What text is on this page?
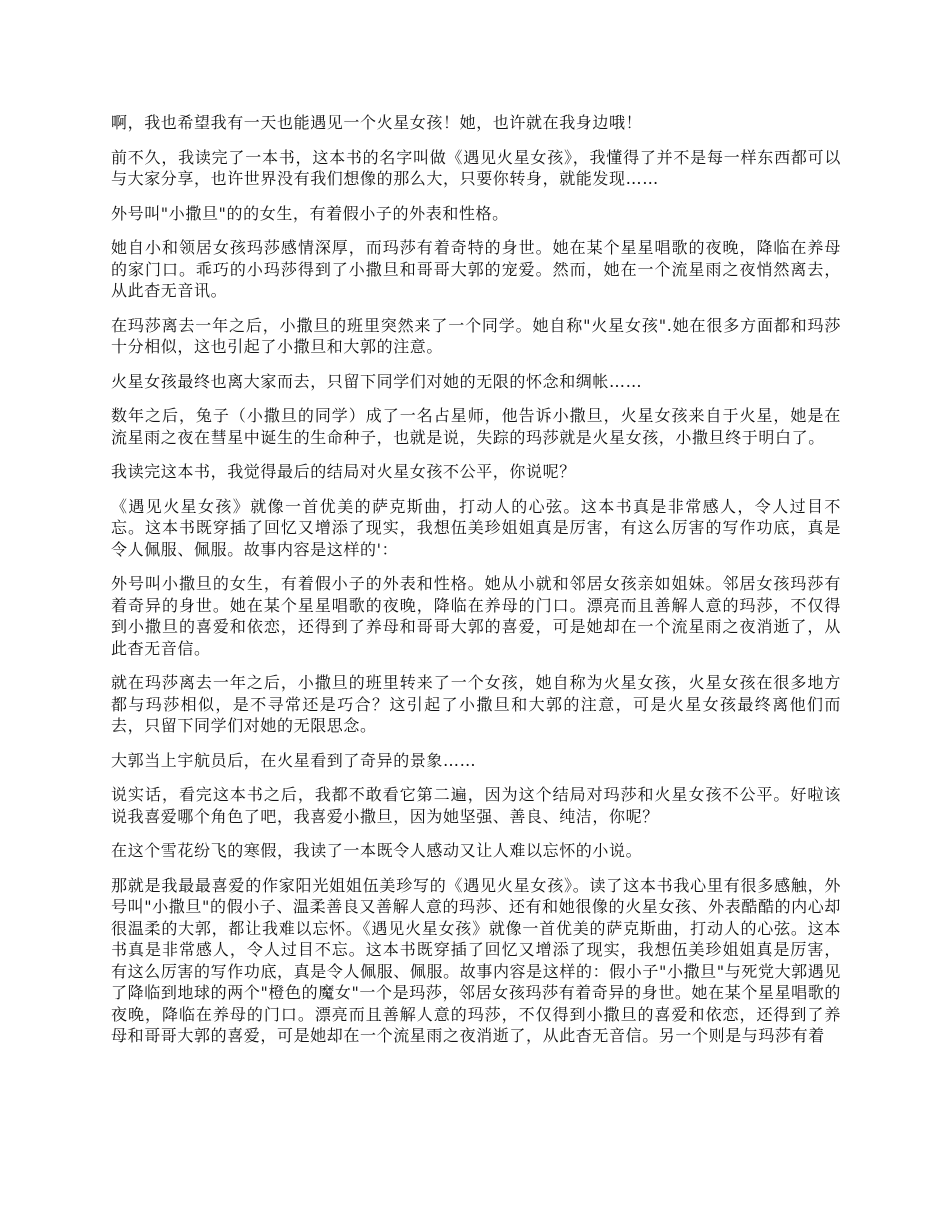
啊，我也希望我有一天也能遇见一个火星女孩！她，也许就在我身边哦！

前不久，我读完了一本书，这本书的名字叫做《遇见火星女孩》，我懂得了并不是每一样东西都可以与大家分享，也许世界没有我们想像的那么大，只要你转身，就能发现……

外号叫"小撒旦"的的女生，有着假小子的外表和性格。

她自小和领居女孩玛莎感情深厚，而玛莎有着奇特的身世。她在某个星星唱歌的夜晚，降临在养母的家门口。乖巧的小玛莎得到了小撒旦和哥哥大郭的宠爱。然而，她在一个流星雨之夜悄然离去，从此杳无音讯。

在玛莎离去一年之后，小撒旦的班里突然来了一个同学。她自称"火星女孩".她在很多方面都和玛莎十分相似，这也引起了小撒旦和大郭的注意。

火星女孩最终也离大家而去，只留下同学们对她的无限的怀念和绸帐……

数年之后，兔子（小撒旦的同学）成了一名占星师，他告诉小撒旦，火星女孩来自于火星，她是在流星雨之夜在彗星中诞生的生命种子，也就是说，失踪的玛莎就是火星女孩，小撒旦终于明白了。

我读完这本书，我觉得最后的结局对火星女孩不公平，你说呢？

《遇见火星女孩》就像一首优美的萨克斯曲，打动人的心弦。这本书真是非常感人，令人过目不忘。这本书既穿插了回忆又增添了现实，我想伍美珍姐姐真是厉害，有这么厉害的写作功底，真是令人佩服、佩服。故事内容是这样的'：

外号叫小撒旦的女生，有着假小子的外表和性格。她从小就和邻居女孩亲如姐妹。邻居女孩玛莎有着奇异的身世。她在某个星星唱歌的夜晚，降临在养母的门口。漂亮而且善解人意的玛莎，不仅得到小撒旦的喜爱和依恋，还得到了养母和哥哥大郭的喜爱，可是她却在一个流星雨之夜消逝了，从此杳无音信。

就在玛莎离去一年之后，小撒旦的班里转来了一个女孩，她自称为火星女孩，火星女孩在很多地方都与玛莎相似，是不寻常还是巧合？这引起了小撒旦和大郭的注意，可是火星女孩最终离他们而去，只留下同学们对她的无限思念。

大郭当上宇航员后，在火星看到了奇异的景象……

说实话，看完这本书之后，我都不敢看它第二遍，因为这个结局对玛莎和火星女孩不公平。好啦该说我喜爱哪个角色了吧，我喜爱小撒旦，因为她坚强、善良、纯洁，你呢？

在这个雪花纷飞的寒假，我读了一本既令人感动又让人难以忘怀的小说。

那就是我最最喜爱的作家阳光姐姐伍美珍写的《遇见火星女孩》。读了这本书我心里有很多感触，外号叫"小撒旦"的假小子、温柔善良又善解人意的玛莎、还有和她很像的火星女孩、外表酷酷的内心却很温柔的大郭，都让我难以忘怀。《遇见火星女孩》就像一首优美的萨克斯曲，打动人的心弦。这本书真是非常感人，令人过目不忘。这本书既穿插了回忆又增添了现实，我想伍美珍姐姐真是厉害，有这么厉害的写作功底，真是令人佩服、佩服。故事内容是这样的：假小子"小撒旦"与死党大郭遇见了降临到地球的两个"橙色的魔女"一个是玛莎，邻居女孩玛莎有着奇异的身世。她在某个星星唱歌的夜晚，降临在养母的门口。漂亮而且善解人意的玛莎，不仅得到小撒旦的喜爱和依恋，还得到了养母和哥哥大郭的喜爱，可是她却在一个流星雨之夜消逝了，从此杳无音信。另一个则是与玛莎有着
